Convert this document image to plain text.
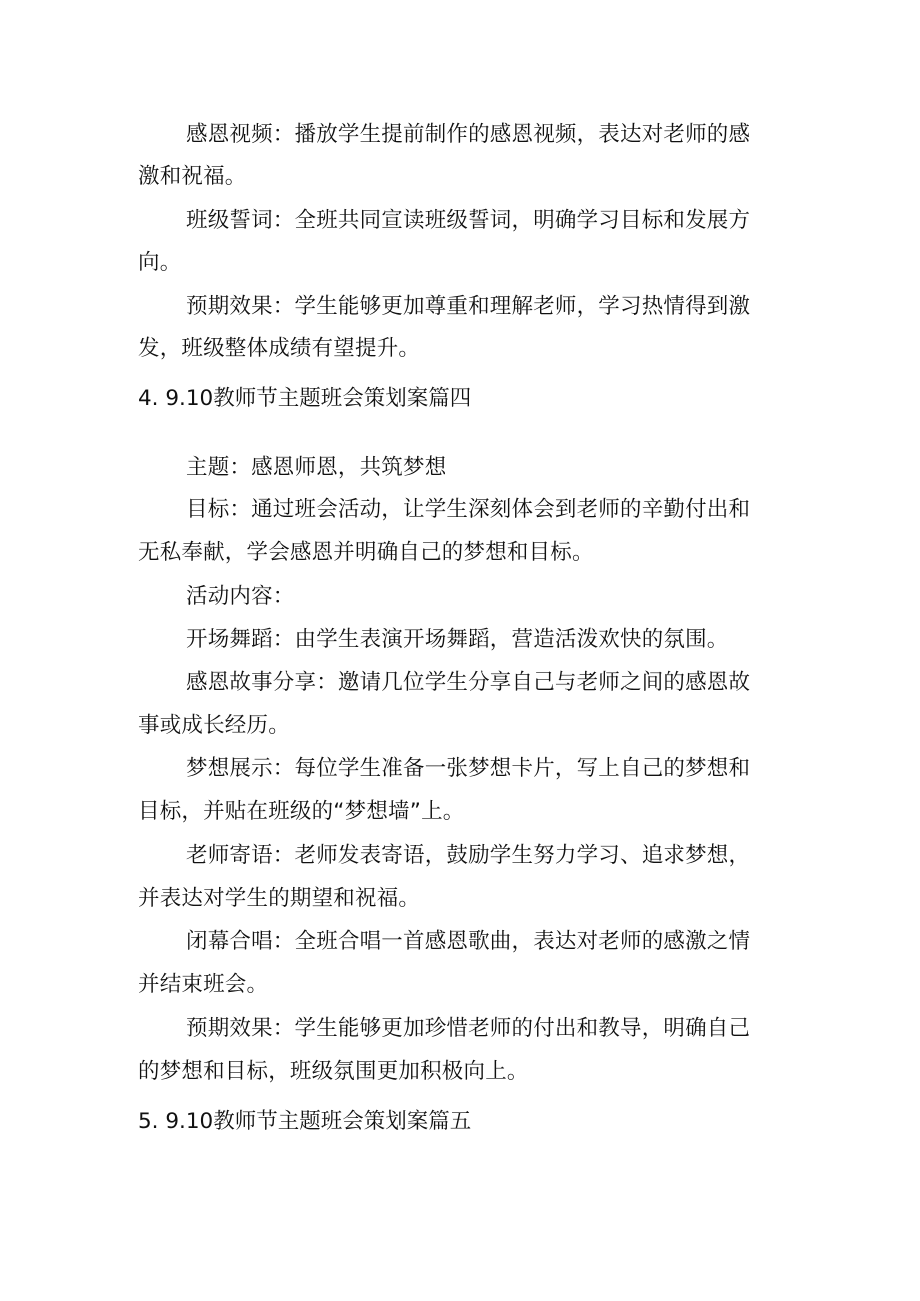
感恩视频：播放学生提前制作的感恩视频，表达对老师的感
激和祝福。
班级誓词：全班共同宣读班级誓词，明确学习目标和发展方
向。
预期效果：学生能够更加尊重和理解老师，学习热情得到激
发，班级整体成绩有望提升。
4. 9.10教师节主题班会策划案篇四
主题：感恩师恩，共筑梦想
目标：通过班会活动，让学生深刻体会到老师的辛勤付出和
无私奉献，学会感恩并明确自己的梦想和目标。
活动内容：
开场舞蹈：由学生表演开场舞蹈，营造活泼欢快的氛围。
感恩故事分享：邀请几位学生分享自己与老师之间的感恩故
事或成长经历。
梦想展示：每位学生准备一张梦想卡片，写上自己的梦想和
目标，并贴在班级的“梦想墙”上。
老师寄语：老师发表寄语，鼓励学生努力学习、追求梦想，
并表达对学生的期望和祝福。
闭幕合唱：全班合唱一首感恩歌曲，表达对老师的感激之情
并结束班会。
预期效果：学生能够更加珍惜老师的付出和教导，明确自己
的梦想和目标，班级氛围更加积极向上。
5. 9.10教师节主题班会策划案篇五
